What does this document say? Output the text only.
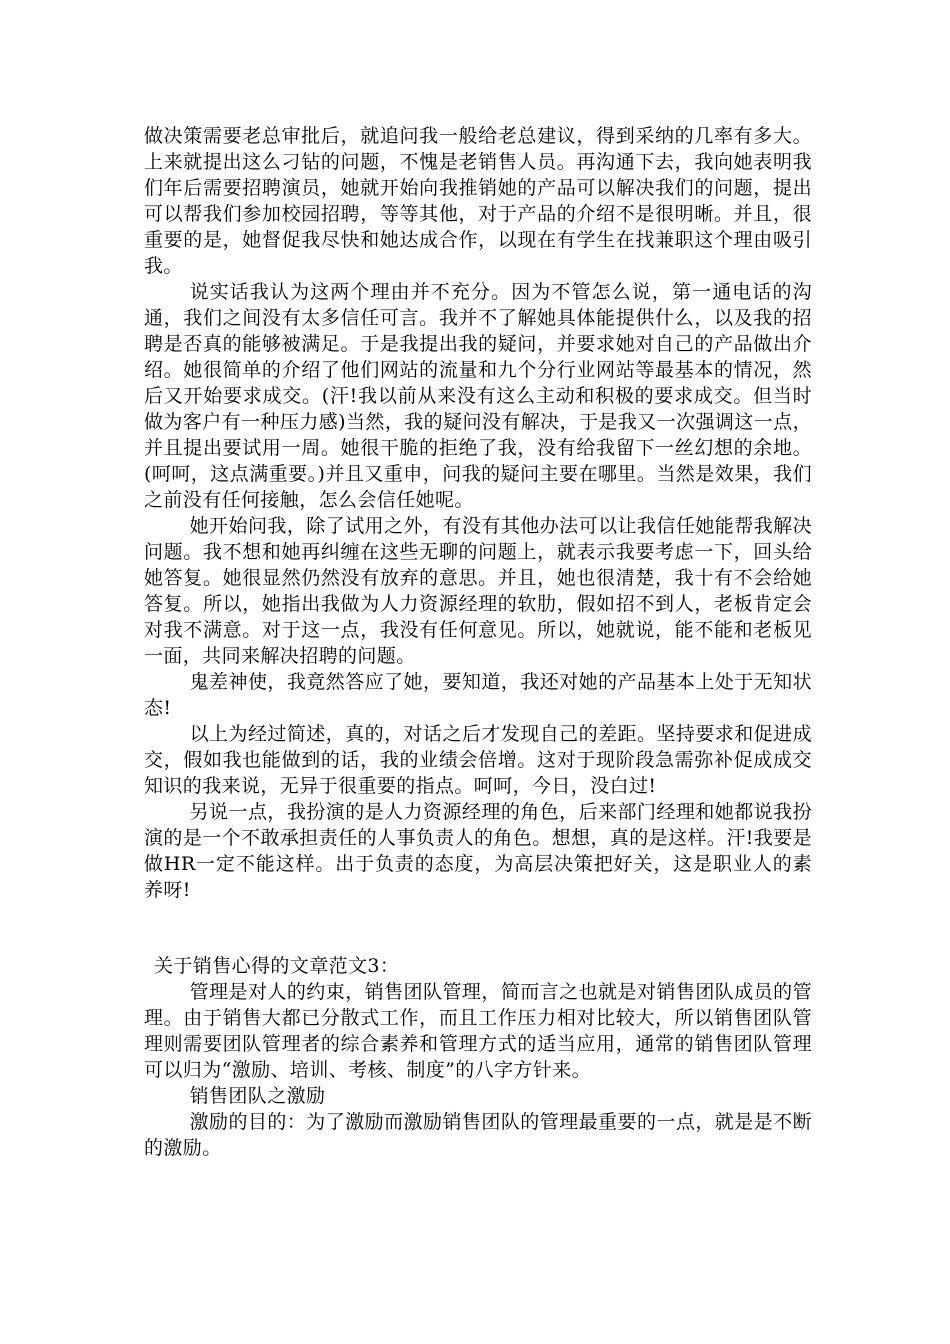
做决策需要老总审批后，就追问我一般给老总建议，得到采纳的几率有多大。上来就提出这么刁钻的问题，不愧是老销售人员。再沟通下去，我向她表明我们年后需要招聘演员，她就开始向我推销她的产品可以解决我们的问题，提出可以帮我们参加校园招聘，等等其他，对于产品的介绍不是很明晰。并且，很重要的是，她督促我尽快和她达成合作，以现在有学生在找兼职这个理由吸引我。

说实话我认为这两个理由并不充分。因为不管怎么说，第一通电话的沟通，我们之间没有太多信任可言。我并不了解她具体能提供什么，以及我的招聘是否真的能够被满足。于是我提出我的疑问，并要求她对自己的产品做出介绍。她很简单的介绍了他们网站的流量和九个分行业网站等最基本的情况，然后又开始要求成交。(汗!我以前从来没有这么主动和积极的要求成交。但当时做为客户有一种压力感)当然，我的疑问没有解决，于是我又一次强调这一点，并且提出要试用一周。她很干脆的拒绝了我，没有给我留下一丝幻想的余地。(呵呵，这点满重要。)并且又重申，问我的疑问主要在哪里。当然是效果，我们之前没有任何接触，怎么会信任她呢。

她开始问我，除了试用之外，有没有其他办法可以让我信任她能帮我解决问题。我不想和她再纠缠在这些无聊的问题上，就表示我要考虑一下，回头给她答复。她很显然仍然没有放弃的意思。并且，她也很清楚，我十有不会给她答复。所以，她指出我做为人力资源经理的软肋，假如招不到人，老板肯定会对我不满意。对于这一点，我没有任何意见。所以，她就说，能不能和老板见一面，共同来解决招聘的问题。

鬼差神使，我竟然答应了她，要知道，我还对她的产品基本上处于无知状态!

以上为经过简述，真的，对话之后才发现自己的差距。坚持要求和促进成交，假如我也能做到的话，我的业绩会倍增。这对于现阶段急需弥补促成成交知识的我来说，无异于很重要的指点。呵呵，今日，没白过!

另说一点，我扮演的是人力资源经理的角色，后来部门经理和她都说我扮演的是一个不敢承担责任的人事负责人的角色。想想，真的是这样。汗!我要是做HR一定不能这样。出于负责的态度，为高层决策把好关，这是职业人的素养呀!

关于销售心得的文章范文3：

管理是对人的约束，销售团队管理，简而言之也就是对销售团队成员的管理。由于销售大都已分散式工作，而且工作压力相对比较大，所以销售团队管理则需要团队管理者的综合素养和管理方式的适当应用，通常的销售团队管理可以归为“激励、培训、考核、制度”的八字方针来。

销售团队之激励

激励的目的：为了激励而激励销售团队的管理最重要的一点，就是是不断的激励。
